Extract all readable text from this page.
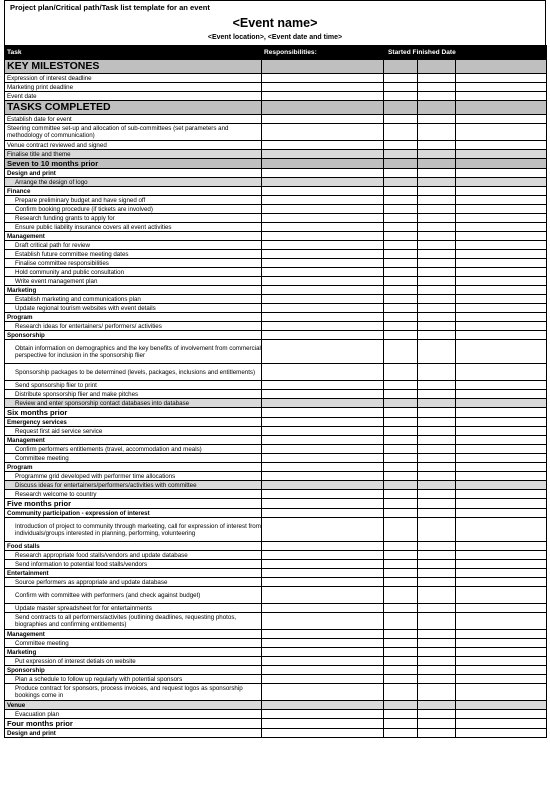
Project plan/Critical path/Task list template for an event
<Event name>
<Event location>, <Event date and time>
Task	Responsibilities:	Started Finished Date		
KEY MILESTONES				
Expression of interest deadline				
Marketing print deadline				
Event date				
TASKS COMPLETED				
Establish date for event				
Steering committee set-up and allocation of sub-committees (set parameters and methodology of communication)				
Venue contract reviewed and signed				
Finalise title and theme				
Seven to 10 months prior				
Design and print				
Arrange the design of logo				
Finance				
Prepare preliminary budget and have signed off				
Confirm booking procedure (if tickets are involved)				
Research funding grants to apply for				
Ensure public liability insurance covers all event activities				
Management				
Draft critical path for review				
Establish future committee meeting dates				
Finalise committee responsibilities				
Hold community and public consultation				
Write event management plan				
Marketing				
Establish marketing and communications plan				
Update regional tourism websites with event details				
Program				
Research ideas for entertainers/ performers/ activities				
Sponsorship				
Obtain information on demographics and the key benefits of involvement from commercial perspective for inclusion in the sponsorship flier				
Sponsorship packages to be determined (levels, packages, inclusions and entitlements)				
Send sponsorship flier to print				
Distribute sponsorship flier and make pitches				
Review and enter sponsorship contact databases into database				
Six months prior				
Emergency services				
Request first aid service service				
Management				
Confirm performers entitlements (travel, accommodation and meals)				
Committee meeting				
Program				
Programme grid developed with performer time allocations				
Discuss ideas for entertainers/performers/activities with committee				
Research welcome to country				
Five months prior				
Community participation - expression of interest				
Introduction of project to community through marketing, call for expression of interest from individuals/groups interested in planning, performing, volunteering				
Food stalls				
Research appropriate food stalls/vendors and update database				
Send information to potential food stalls/vendors				
Entertainment				
Source performers as appropriate and update database				
Confirm with committee with performers (and check against budget)				
Update master spreadsheet for for entertainments				
Send contracts to all performers/activites (outlining deadlines, requesting photos, biographies and confirming entitlements)				
Management				
Committee meeting				
Marketing				
Put expression of interest detials on website				
Sponsorship				
Plan a schedule to follow up regularly with potential sponsors				
Produce contract for sponsors, process invoices, and request logos as sponsorship bookings come in				
Venue				
Evacuation plan				
Four months prior				
Design and print				
